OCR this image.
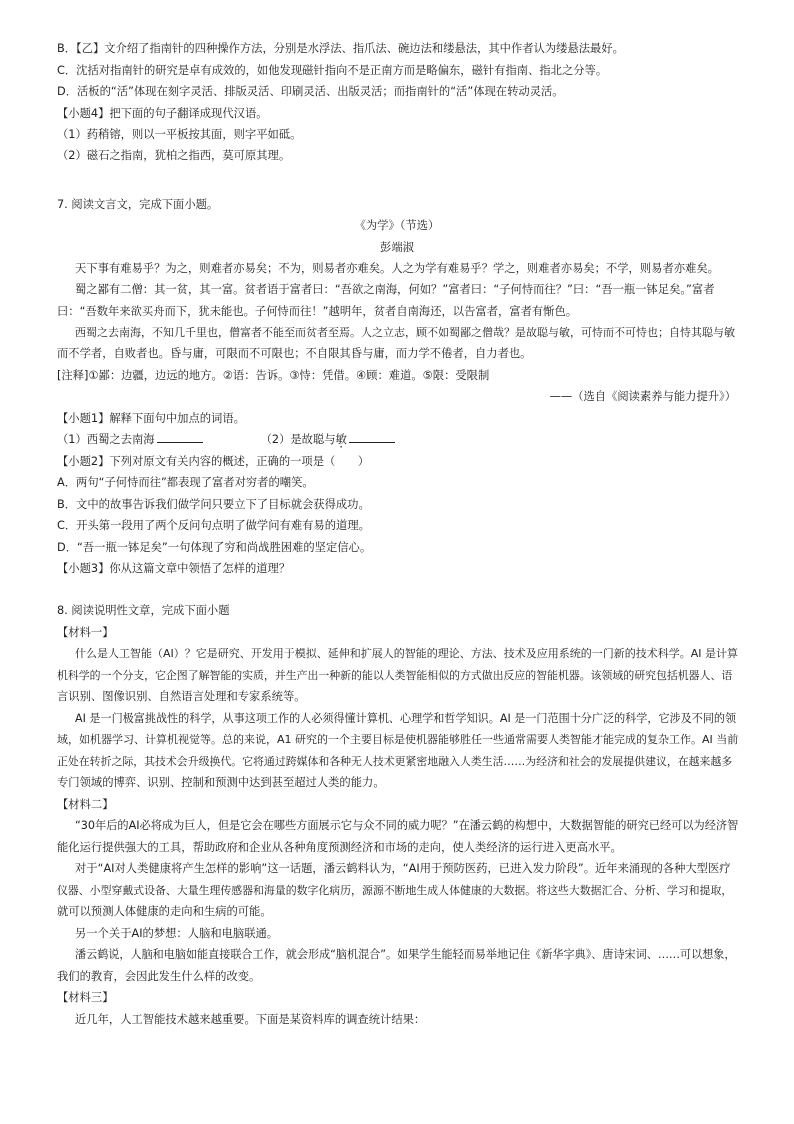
B．【乙】文介绍了指南针的四种操作方法，分别是水浮法、指爪法、碗边法和缕悬法，其中作者认为缕悬法最好。
C．沈括对指南针的研究是卓有成效的，如他发现磁针指向不是正南方而是略偏东，磁针有指南、指北之分等。
D．活板的“活”体现在刻字灵活、排版灵活、印刷灵活、出版灵活；而指南针的“活”体现在转动灵活。
【小题4】把下面的句子翻译成现代汉语。
（1）药稍镕，则以一平板按其面，则字平如砥。
（2）磁石之指南，犹柏之指西，莫可原其理。
7. 阅读文言文，完成下面小题。
《为学》（节选）
彭端淑
天下事有难易乎？为之，则难者亦易矣；不为，则易者亦难矣。人之为学有难易乎？学之，则难者亦易矣；不学，则易者亦难矣。
蜀之鄙有二僧：其一贫，其一富。贫者语于富者曰：“吾欲之南海，何如？”富者曰：“子何恃而往？”曰：“吾一瓶一钵足矣。”富者
曰：“吾数年来欲买舟而下，犹未能也。子何恃而往！”越明年，贫者自南海还，以告富者，富者有惭色。
西蜀之去南海，不知几千里也，僧富者不能至而贫者至焉。人之立志，顾不如蜀鄙之僧哉？是故聪与敏，可恃而不可恃也；自恃其聪与敏
而不学者，自败者也。昏与庸，可限而不可限也；不自限其昏与庸，而力学不倦者，自力者也。
[注释]①鄙：边疆，边远的地方。②语：告诉。③恃：凭借。④顾：难道。⑤限：受限制
——（选自《阅读素养与能力提升》）
【小题1】解释下面句中加点的词语。
（1）西蜀之去南海	（2）是故聪与敏
【小题2】下列对原文有关内容的概述，正确的一项是（　　）
A．两句“子何恃而往”都表现了富者对穷者的嘲笑。
B．文中的故事告诉我们做学问只要立下了目标就会获得成功。
C．开头第一段用了两个反问句点明了做学问有难有易的道理。
D．“吾一瓶一钵足矣”一句体现了穷和尚战胜困难的坚定信心。
【小题3】你从这篇文章中领悟了怎样的道理？
8. 阅读说明性文章，完成下面小题
【材料一】
什么是人工智能（AI）？它是研究、开发用于模拟、延伸和扩展人的智能的理论、方法、技术及应用系统的一门新的技术科学。AI 是计算
机科学的一个分支，它企图了解智能的实质，并生产出一种新的能以人类智能相似的方式做出反应的智能机器。该领域的研究包括机器人、语
言识别、图像识别、自然语言处理和专家系统等。
AI 是一门极富挑战性的科学，从事这项工作的人必须得懂计算机、心理学和哲学知识。AI 是一门范围十分广泛的科学，它涉及不同的领
域，如机器学习、计算机视觉等。总的来说，A1 研究的一个主要目标是使机器能够胜任一些通常需要人类智能才能完成的复杂工作。AI 当前
正处在转折之际，其技术会升级换代。它将通过跨媒体和各种无人技术更紧密地融入人类生活……为经济和社会的发展提供建议，在越来越多
专门领域的博弈、识别、控制和预测中达到甚至超过人类的能力。
【材料二】
“30年后的AI必将成为巨人，但是它会在哪些方面展示它与众不同的威力呢？”在潘云鹤的构想中，大数据智能的研究已经可以为经济智
能化运行提供强大的工具，帮助政府和企业从各种角度预测经济和市场的走向，使人类经济的运行进入更高水平。
对于“AI对人类健康将产生怎样的影响”这一话题，潘云鹤料认为，“AI用于预防医药，已进入发力阶段”。近年来涌现的各种大型医疗
仪器、小型穿戴式设备、大量生理传感器和海量的数字化病历，源源不断地生成人体健康的大数据。将这些大数据汇合、分析、学习和提取，
就可以预测人体健康的走向和生病的可能。
另一个关于AI的梦想：人脑和电脑联通。
潘云鹤说，人脑和电脑如能直接联合工作，就会形成“脑机混合”。如果学生能轻而易举地记住《新华字典》、唐诗宋词、……可以想象，
我们的教育，会因此发生什么样的改变。
【材料三】
近几年，人工智能技术越来越重要。下面是某资料库的调查统计结果：
